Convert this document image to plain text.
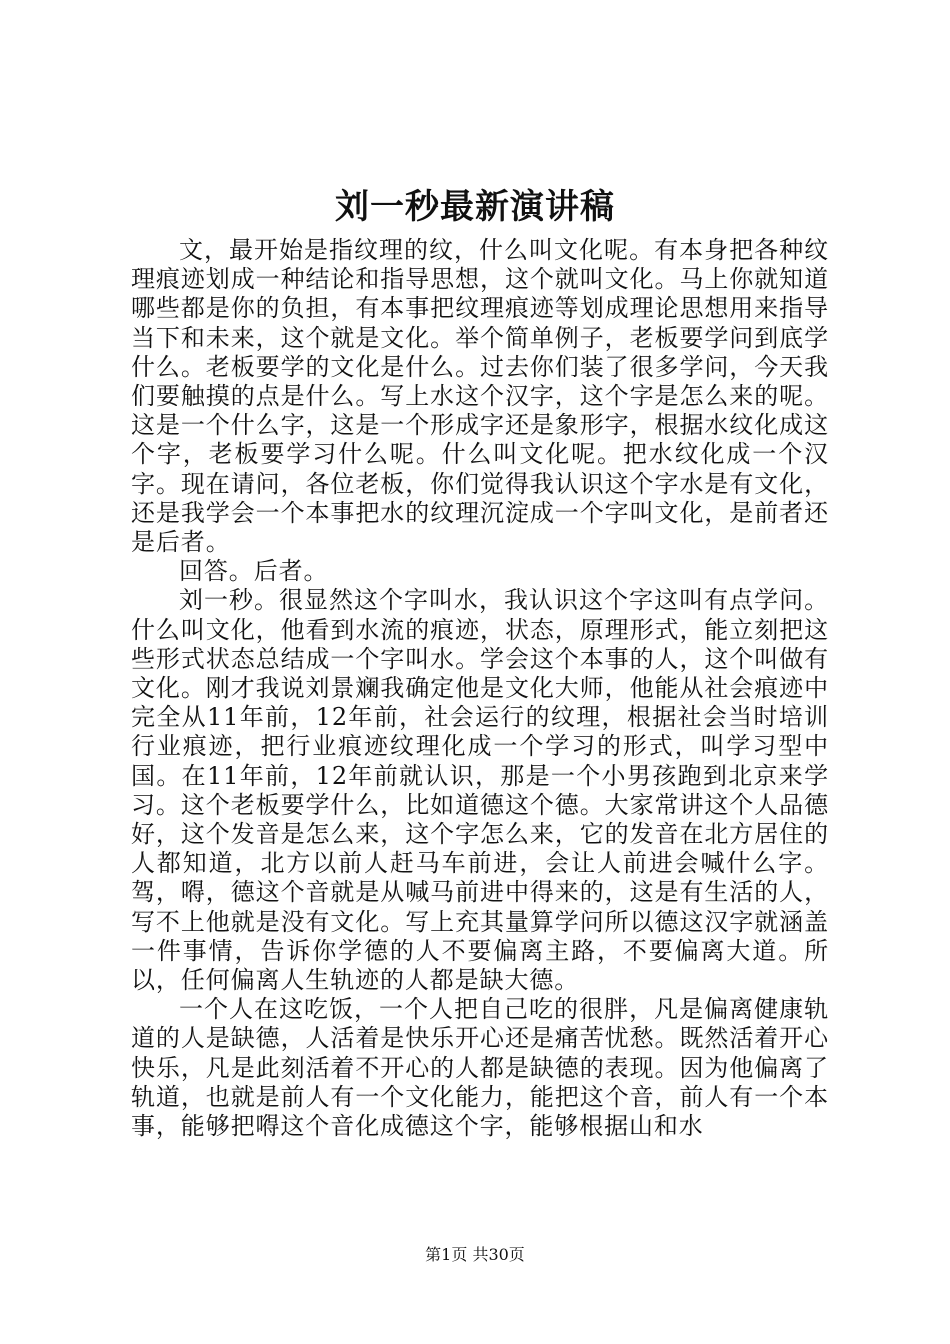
刘一秒最新演讲稿

文，最开始是指纹理的纹，什么叫文化呢。有本身把各种纹理痕迹划成一种结论和指导思想，这个就叫文化。马上你就知道哪些都是你的负担，有本事把纹理痕迹等划成理论思想用来指导当下和未来，这个就是文化。举个简单例子，老板要学问到底学什么。老板要学的文化是什么。过去你们装了很多学问，今天我们要触摸的点是什么。写上水这个汉字，这个字是怎么来的呢。这是一个什么字，这是一个形成字还是象形字，根据水纹化成这个字，老板要学习什么呢。什么叫文化呢。把水纹化成一个汉字。现在请问，各位老板，你们觉得我认识这个字水是有文化，还是我学会一个本事把水的纹理沉淀成一个字叫文化，是前者还是后者。

回答。后者。

刘一秒。很显然这个字叫水，我认识这个字这叫有点学问。什么叫文化，他看到水流的痕迹，状态，原理形式，能立刻把这些形式状态总结成一个字叫水。学会这个本事的人，这个叫做有文化。刚才我说刘景斓我确定他是文化大师，他能从社会痕迹中完全从11年前，12年前，社会运行的纹理，根据社会当时培训行业痕迹，把行业痕迹纹理化成一个学习的形式，叫学习型中国。在11年前，12年前就认识，那是一个小男孩跑到北京来学习。这个老板要学什么，比如道德这个德。大家常讲这个人品德好，这个发音是怎么来，这个字怎么来，它的发音在北方居住的人都知道，北方以前人赶马车前进，会让人前进会喊什么字。驾，嘚，德这个音就是从喊马前进中得来的，这是有生活的人，写不上他就是没有文化。写上充其量算学问所以德这汉字就涵盖一件事情，告诉你学德的人不要偏离主路，不要偏离大道。所以，任何偏离人生轨迹的人都是缺大德。

一个人在这吃饭，一个人把自己吃的很胖，凡是偏离健康轨道的人是缺德，人活着是快乐开心还是痛苦忧愁。既然活着开心快乐，凡是此刻活着不开心的人都是缺德的表现。因为他偏离了轨道，也就是前人有一个文化能力，能把这个音，前人有一个本事，能够把嘚这个音化成德这个字，能够根据山和水

第1页 共30页
